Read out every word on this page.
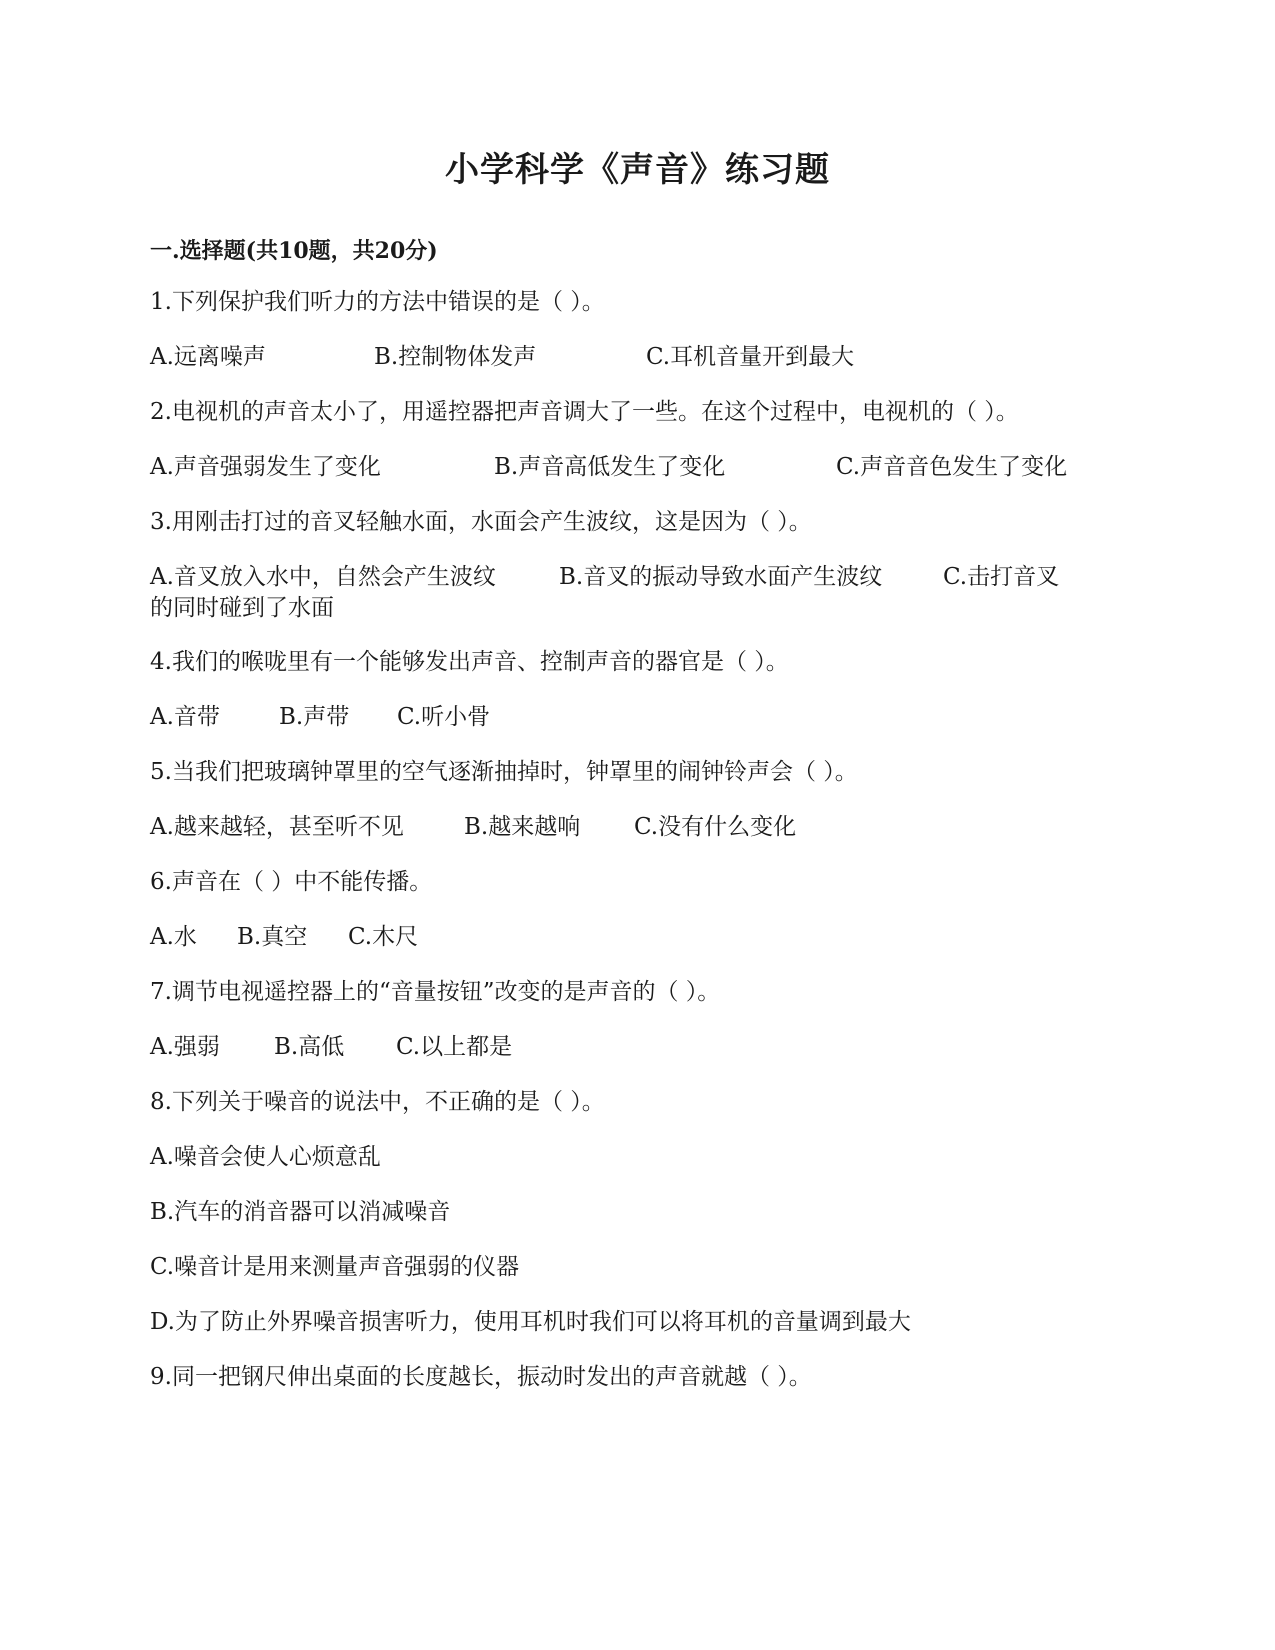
小学科学《声音》练习题
一.选择题(共10题，共20分)
1.下列保护我们听力的方法中错误的是（ ）。
A.远离噪声	B.控制物体发声	C.耳机音量开到最大
2.电视机的声音太小了，用遥控器把声音调大了一些。在这个过程中，电视机的（ ）。
A.声音强弱发生了变化	B.声音高低发生了变化	C.声音音色发生了变化
3.用刚击打过的音叉轻触水面，水面会产生波纹，这是因为（ ）。
A.音叉放入水中，自然会产生波纹	B.音叉的振动导致水面产生波纹	C.击打音叉
的同时碰到了水面
4.我们的喉咙里有一个能够发出声音、控制声音的器官是（ ）。
A.音带	B.声带 C.听小骨
5.当我们把玻璃钟罩里的空气逐渐抽掉时，钟罩里的闹钟铃声会（ ）。
A.越来越轻，甚至听不见	B.越来越响 C.没有什么变化
6.声音在（ ）中不能传播。
A.水 B.真空 C.木尺
7.调节电视遥控器上的“音量按钮”改变的是声音的（ ）。
A.强弱 B.高低 C.以上都是
8.下列关于噪音的说法中，不正确的是（ ）。
A.噪音会使人心烦意乱
B.汽车的消音器可以消减噪音
C.噪音计是用来测量声音强弱的仪器
D.为了防止外界噪音损害听力，使用耳机时我们可以将耳机的音量调到最大
9.同一把钢尺伸出桌面的长度越长，振动时发出的声音就越（ ）。
